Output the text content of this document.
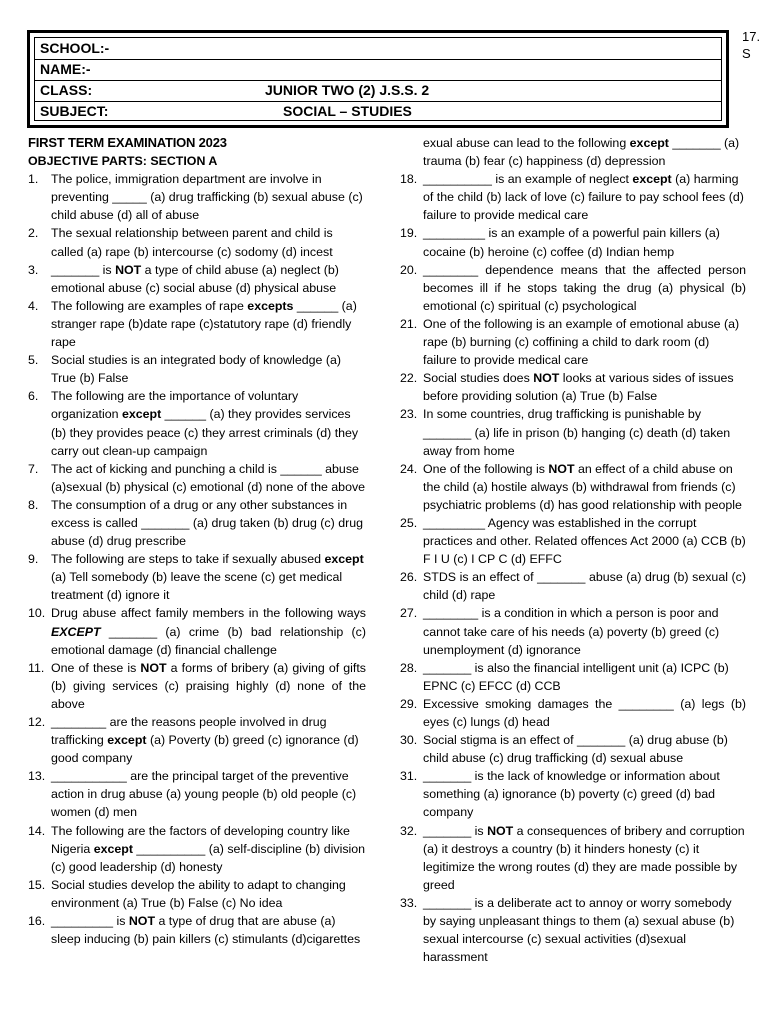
SCHOOL:-
NAME:-
CLASS:	JUNIOR TWO (2) J.S.S. 2
SUBJECT:	SOCIAL – STUDIES
17.
S
FIRST TERM EXAMINATION 2023
OBJECTIVE PARTS: SECTION A
1.	The police, immigration department are involve in preventing _____ (a) drug trafficking (b) sexual abuse (c) child abuse (d) all of abuse
2.	The sexual relationship between parent and child is called (a) rape (b) intercourse (c) sodomy (d) incest
3.	_______ is NOT a type of child abuse (a) neglect (b) emotional abuse (c) social abuse (d) physical abuse
4.	The following are examples of rape excepts ______ (a) stranger rape (b)date rape (c)statutory rape (d) friendly rape
5.	Social studies is an integrated body of knowledge (a) True (b) False
6.	The following are the importance of voluntary organization except ______ (a) they provides services (b) they provides peace (c) they arrest criminals (d) they carry out clean-up campaign
7.	The act of kicking and punching a child is ______ abuse (a)sexual (b) physical (c) emotional (d) none of the above
8.	The consumption of a drug or any other substances in excess is called _______ (a) drug taken (b) drug (c) drug abuse (d) drug prescribe
9.	The following are steps to take if sexually abused except (a) Tell somebody (b) leave the scene (c) get medical treatment (d) ignore it
10. Drug abuse affect family members in the following ways EXCEPT _______ (a) crime (b) bad relationship (c) emotional damage (d) financial challenge
11. One of these is NOT a forms of bribery (a) giving of gifts (b) giving services (c) praising highly (d) none of the above
12. ________ are the reasons people involved in drug trafficking except (a) Poverty (b) greed (c) ignorance (d) good company
13. ___________ are the principal target of the preventive action in drug abuse (a) young people (b) old people (c) women (d) men
14. The following are the factors of developing country like Nigeria except __________ (a) self-discipline (b) division (c) good leadership (d) honesty
15. Social studies develop the ability to adapt to changing environment (a) True (b) False (c) No idea
16. _________ is NOT a type of drug that are abuse (a) sleep inducing (b) pain killers (c) stimulants (d)cigarettes
exual abuse can lead to the following except _______ (a) trauma (b) fear (c) happiness (d) depression
18. __________ is an example of neglect except (a) harming of the child (b) lack of love (c) failure to pay school fees (d) failure to provide medical care
19. _________ is an example of a powerful pain killers (a) cocaine (b) heroine (c) coffee (d) Indian hemp
20. ________ dependence means that the affected person becomes ill if he stops taking the drug (a) physical (b) emotional (c) spiritual (c) psychological
21. One of the following is an example of emotional abuse (a) rape (b) burning (c) coffining a child to dark room (d) failure to provide medical care
22. Social studies does NOT looks at various sides of issues before providing solution (a) True (b) False
23. In some countries, drug trafficking is punishable by _______ (a) life in prison (b) hanging (c) death (d) taken away from home
24. One of the following is NOT an effect of a child abuse on the child (a) hostile always (b) withdrawal from friends (c) psychiatric problems (d) has good relationship with people
25. _________ Agency was established in the corrupt practices and other. Related offences Act 2000 (a) CCB (b) F I U (c) I CP C (d) EFFC
26. STDS is an effect of _______ abuse (a) drug (b) sexual (c) child (d) rape
27. ________ is a condition in which a person is poor and cannot take care of his needs (a) poverty (b) greed (c) unemployment (d) ignorance
28. _______ is also the financial intelligent unit (a) ICPC (b) EPNC (c) EFCC (d) CCB
29. Excessive smoking damages the ________ (a) legs (b) eyes (c) lungs (d) head
30. Social stigma is an effect of _______ (a) drug abuse (b) child abuse (c) drug trafficking (d) sexual abuse
31. _______ is the lack of knowledge or information about something (a) ignorance (b) poverty (c) greed (d) bad company
32. _______ is NOT a consequences of bribery and corruption (a) it destroys a country (b) it hinders honesty (c) it legitimize the wrong routes (d) they are made possible by greed
33. _______ is a deliberate act to annoy or worry somebody by saying unpleasant things to them (a) sexual abuse (b) sexual intercourse (c) sexual activities (d)sexual harassment
